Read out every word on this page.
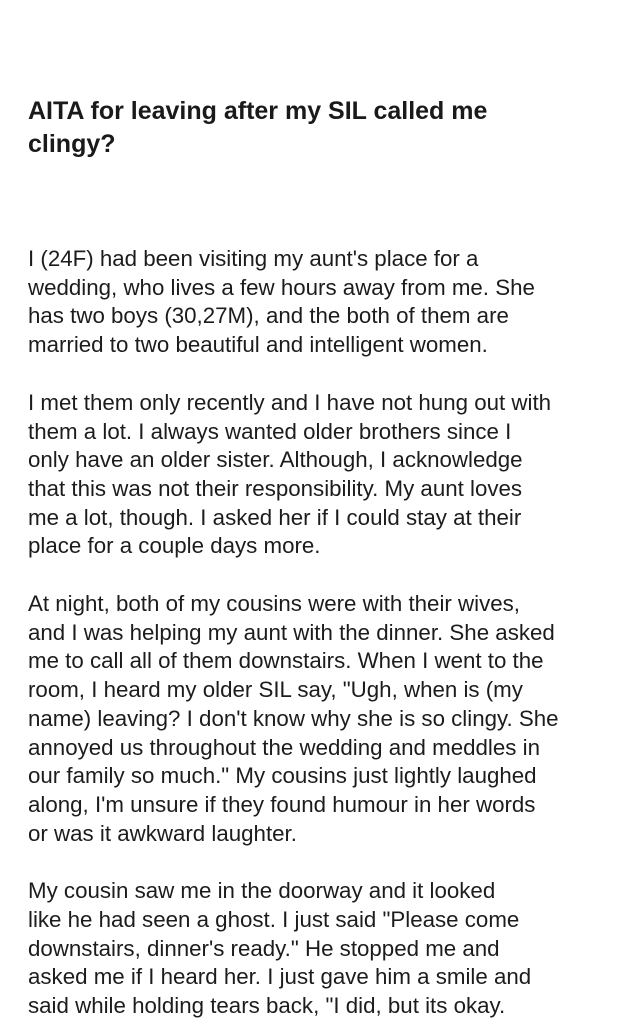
AITA for leaving after my SIL called me
clingy?

I (24F) had been visiting my aunt's place for a
wedding, who lives a few hours away from me. She
has two boys (30,27M), and the both of them are
married to two beautiful and intelligent women.

I met them only recently and I have not hung out with
them a lot. I always wanted older brothers since I
only have an older sister. Although, I acknowledge
that this was not their responsibility. My aunt loves
me a lot, though. I asked her if I could stay at their
place for a couple days more.

At night, both of my cousins were with their wives,
and I was helping my aunt with the dinner. She asked
me to call all of them downstairs. When I went to the
room, I heard my older SIL say, "Ugh, when is (my
name) leaving? I don't know why she is so clingy. She
annoyed us throughout the wedding and meddles in
our family so much." My cousins just lightly laughed
along, I'm unsure if they found humour in her words
or was it awkward laughter.

My cousin saw me in the doorway and it looked
like he had seen a ghost. I just said "Please come
downstairs, dinner's ready." He stopped me and
asked me if I heard her. I just gave him a smile and
said while holding tears back, "I did, but its okay.
